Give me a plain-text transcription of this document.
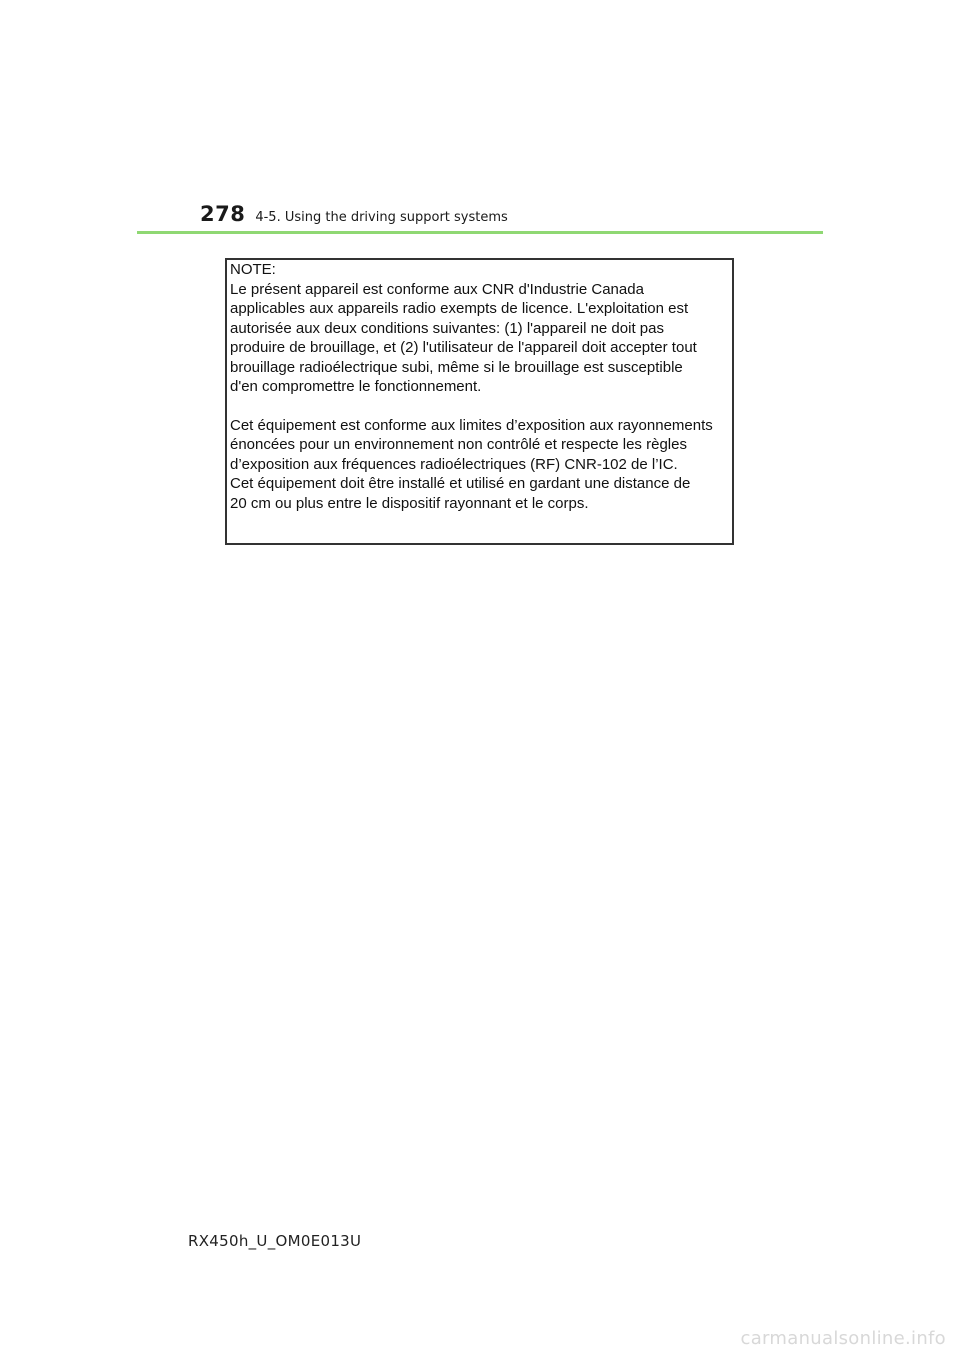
278 4-5. Using the driving support systems

NOTE:
Le présent appareil est conforme aux CNR d'Industrie Canada
applicables aux appareils radio exempts de licence. L'exploitation est
autorisée aux deux conditions suivantes: (1) l'appareil ne doit pas
produire de brouillage, et (2) l'utilisateur de l'appareil doit accepter tout
brouillage radioélectrique subi, même si le brouillage est susceptible
d'en compromettre le fonctionnement.

Cet équipement est conforme aux limites d’exposition aux rayonnements
énoncées pour un environnement non contrôlé et respecte les règles
d’exposition aux fréquences radioélectriques (RF) CNR-102 de l’IC.
Cet équipement doit être installé et utilisé en gardant une distance de
20 cm ou plus entre le dispositif rayonnant et le corps.

RX450h_U_OM0E013U
carmanualsonline.info
